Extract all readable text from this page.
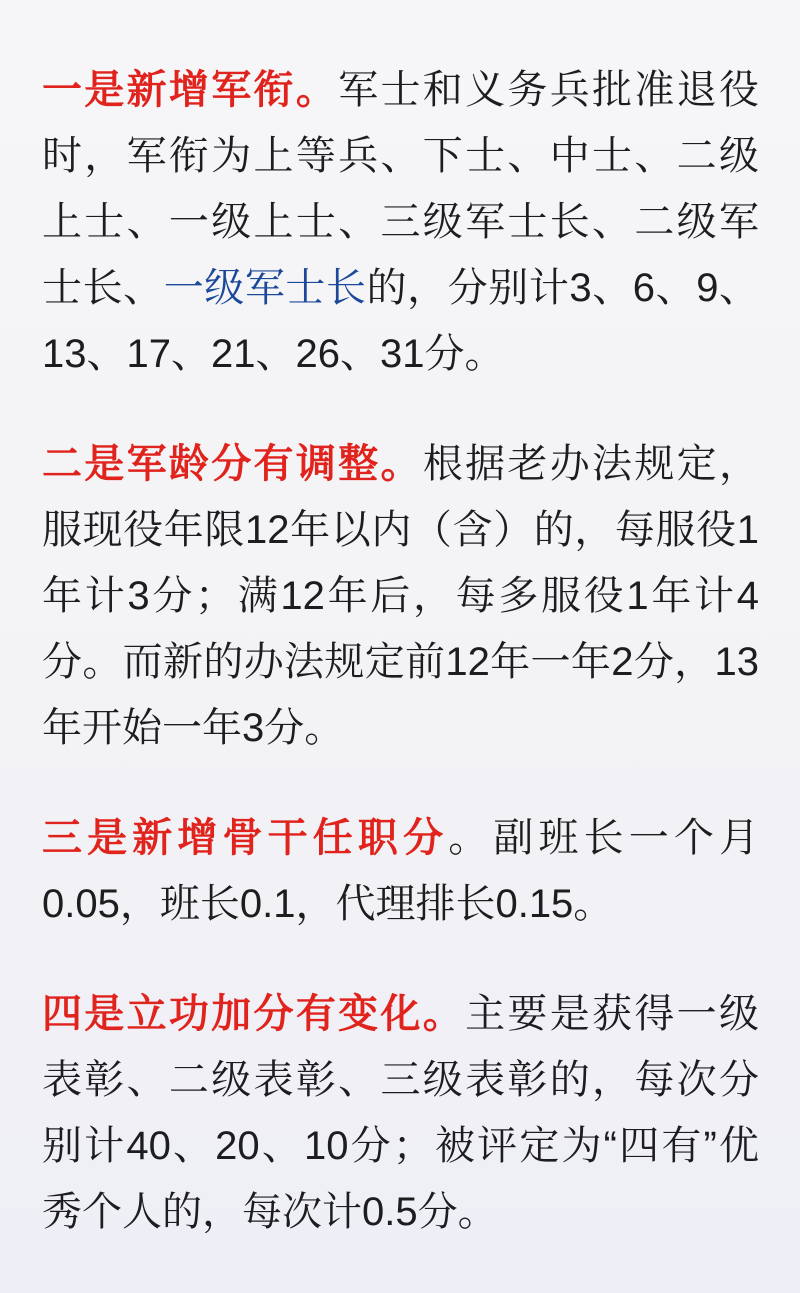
一是新增军衔。军士和义务兵批准退役时，军衔为上等兵、下士、中士、二级上士、一级上士、三级军士长、二级军士长、一级军士长的，分别计3、6、9、13、17、21、26、31分。

二是军龄分有调整。根据老办法规定，服现役年限12年以内（含）的，每服役1年计3分；满12年后，每多服役1年计4分。而新的办法规定前12年一年2分，13年开始一年3分。

三是新增骨干任职分。副班长一个月0.05，班长0.1，代理排长0.15。

四是立功加分有变化。主要是获得一级表彰、二级表彰、三级表彰的，每次分别计40、20、10分；被评定为“四有”优秀个人的，每次计0.5分。
